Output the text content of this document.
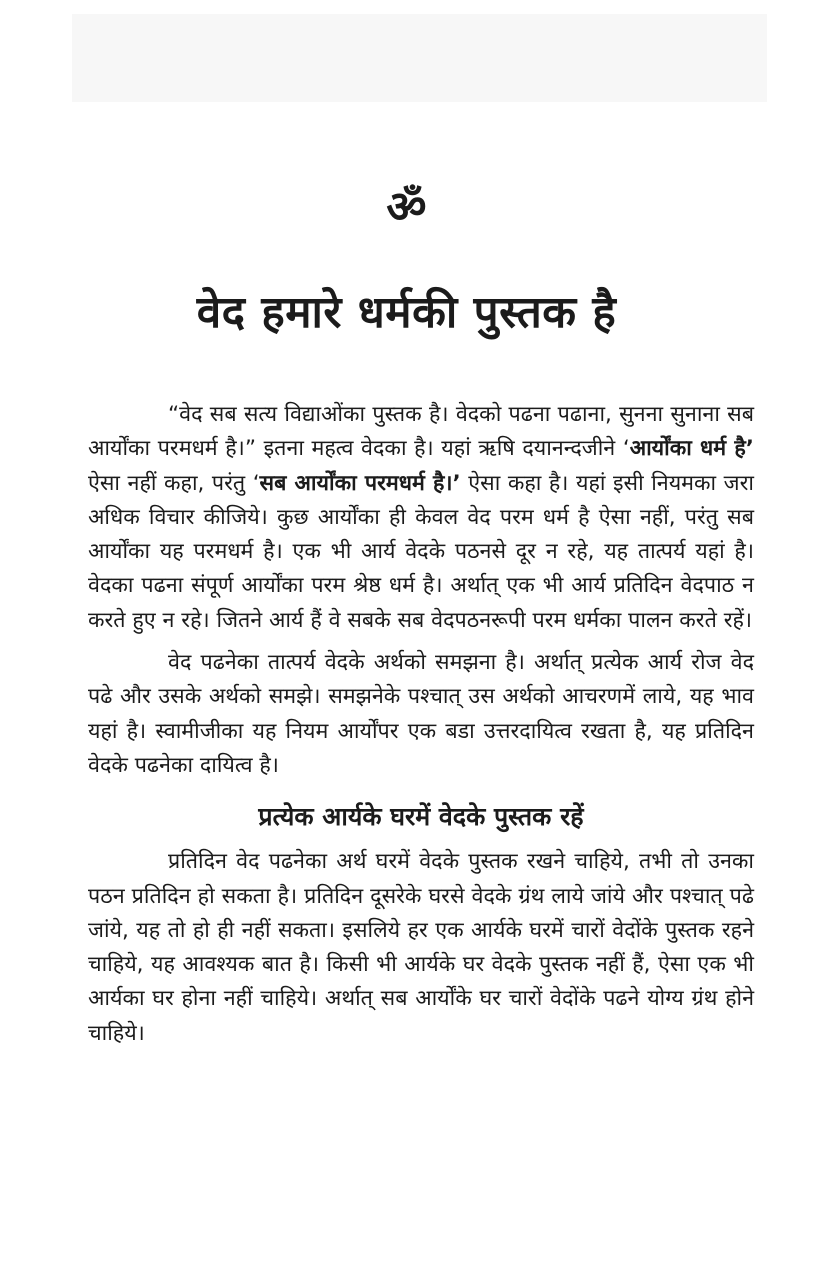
ॐ
वेद हमारे धर्मकी पुस्तक है

“वेद सब सत्य विद्याओंका पुस्तक है। वेदको पढना पढाना, सुनना सुनाना सब आर्योंका परमधर्म है।” इतना महत्व वेदका है। यहां ऋषि दयानन्दजीने ‘आर्योंका धर्म है’ ऐसा नहीं कहा, परंतु ‘सब आर्योंका परमधर्म है।’ ऐसा कहा है। यहां इसी नियमका जरा अधिक विचार कीजिये। कुछ आर्योंका ही केवल वेद परम धर्म है ऐसा नहीं, परंतु सब आर्योंका यह परमधर्म है। एक भी आर्य वेदके पठनसे दूर न रहे, यह तात्पर्य यहां है। वेदका पढना संपूर्ण आर्योंका परम श्रेष्ठ धर्म है। अर्थात् एक भी आर्य प्रतिदिन वेदपाठ न करते हुए न रहे। जितने आर्य हैं वे सबके सब वेदपठनरूपी परम धर्मका पालन करते रहें।

वेद पढनेका तात्पर्य वेदके अर्थको समझना है। अर्थात् प्रत्येक आर्य रोज वेद पढे और उसके अर्थको समझे। समझनेके पश्चात् उस अर्थको आचरणमें लाये, यह भाव यहां है। स्वामीजीका यह नियम आर्योंपर एक बडा उत्तरदायित्व रखता है, यह प्रतिदिन वेदके पढनेका दायित्व है।

प्रत्येक आर्यके घरमें वेदके पुस्तक रहें

प्रतिदिन वेद पढनेका अर्थ घरमें वेदके पुस्तक रखने चाहिये, तभी तो उनका पठन प्रतिदिन हो सकता है। प्रतिदिन दूसरेके घरसे वेदके ग्रंथ लाये जांये और पश्चात् पढे जांये, यह तो हो ही नहीं सकता। इसलिये हर एक आर्यके घरमें चारों वेदोंके पुस्तक रहने चाहिये, यह आवश्यक बात है। किसी भी आर्यके घर वेदके पुस्तक नहीं हैं, ऐसा एक भी आर्यका घर होना नहीं चाहिये। अर्थात् सब आर्योंके घर चारों वेदोंके पढने योग्य ग्रंथ होने चाहिये।
